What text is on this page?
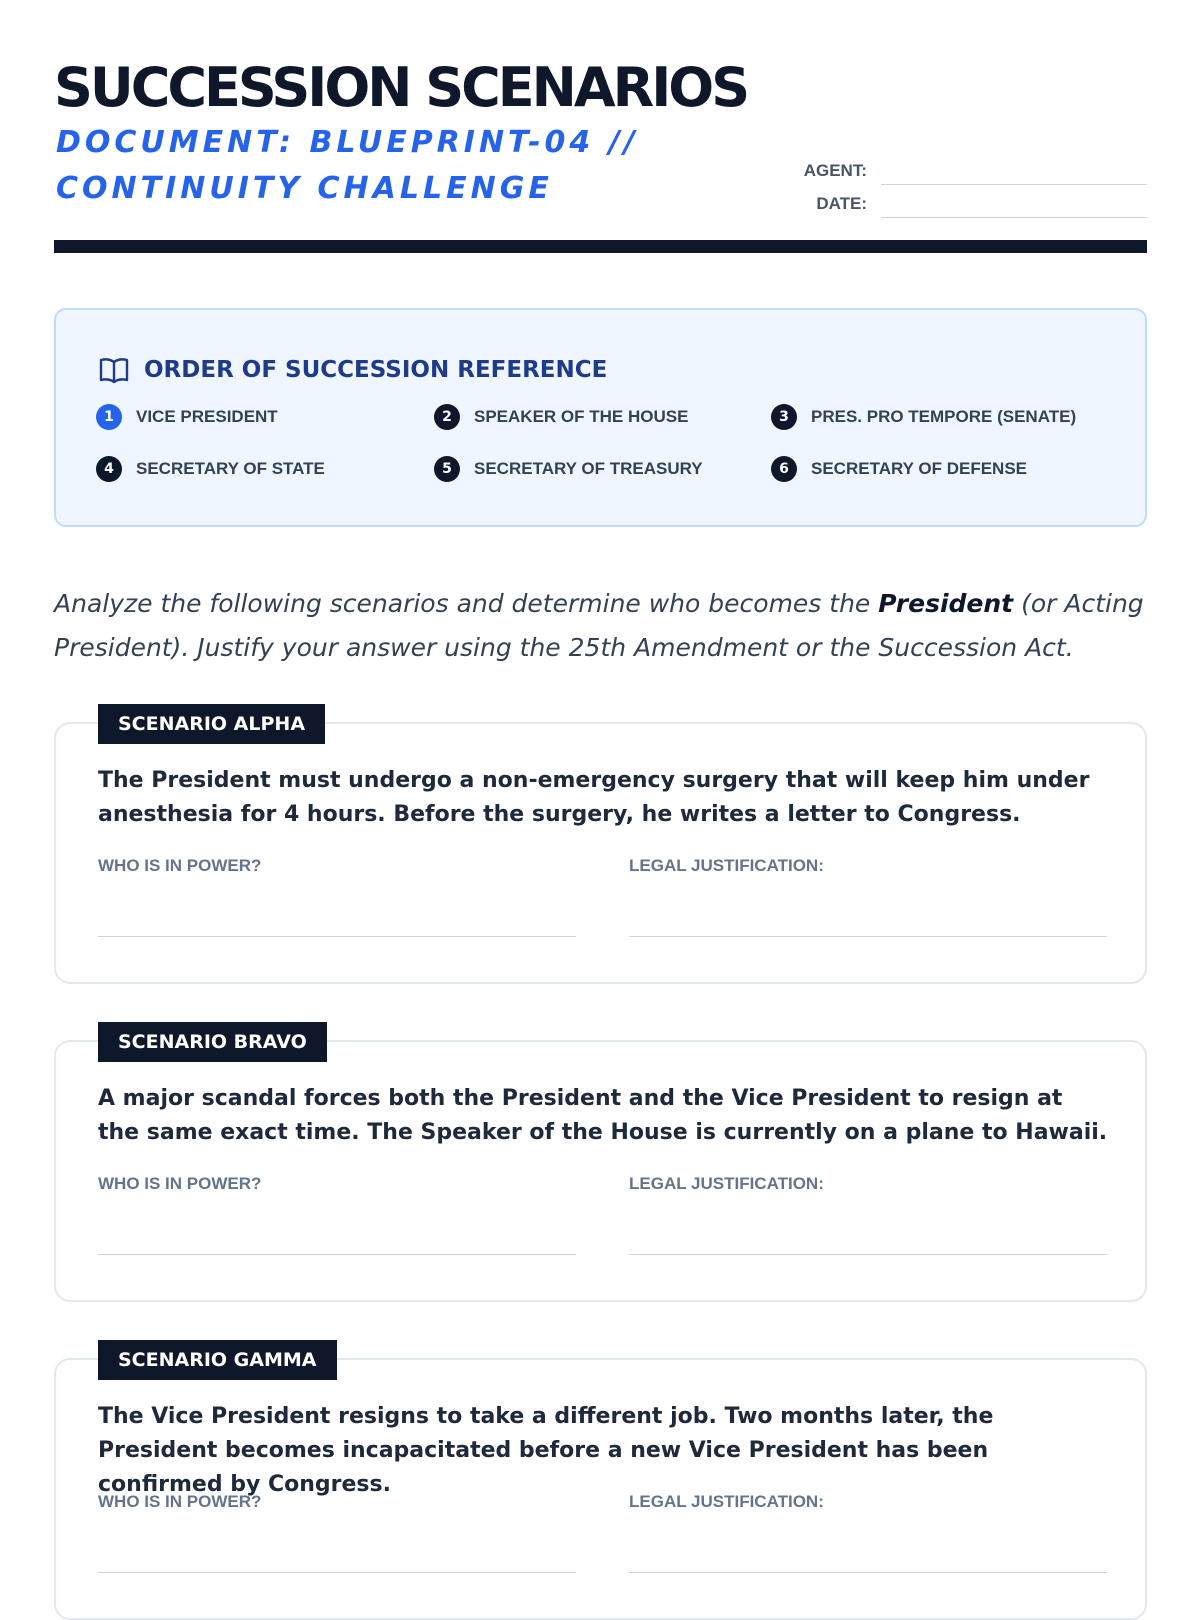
SUCCESSION SCENARIOS
DOCUMENT: BLUEPRINT-04 //
CONTINUITY CHALLENGE
AGENT:
DATE:
ORDER OF SUCCESSION REFERENCE
1	VICE PRESIDENT	2	SPEAKER OF THE HOUSE	3	PRES. PRO TEMPORE (SENATE)
4	SECRETARY OF STATE	5	SECRETARY OF TREASURY	6	SECRETARY OF DEFENSE
Analyze the following scenarios and determine who becomes the President (or Acting President). Justify your answer using the 25th Amendment or the Succession Act.
SCENARIO ALPHA
The President must undergo a non-emergency surgery that will keep him under anesthesia for 4 hours. Before the surgery, he writes a letter to Congress.
WHO IS IN POWER?	LEGAL JUSTIFICATION:
SCENARIO BRAVO
A major scandal forces both the President and the Vice President to resign at the same exact time. The Speaker of the House is currently on a plane to Hawaii.
WHO IS IN POWER?	LEGAL JUSTIFICATION:
SCENARIO GAMMA
The Vice President resigns to take a different job. Two months later, the President becomes incapacitated before a new Vice President has been confirmed by Congress.
WHO IS IN POWER?	LEGAL JUSTIFICATION:
